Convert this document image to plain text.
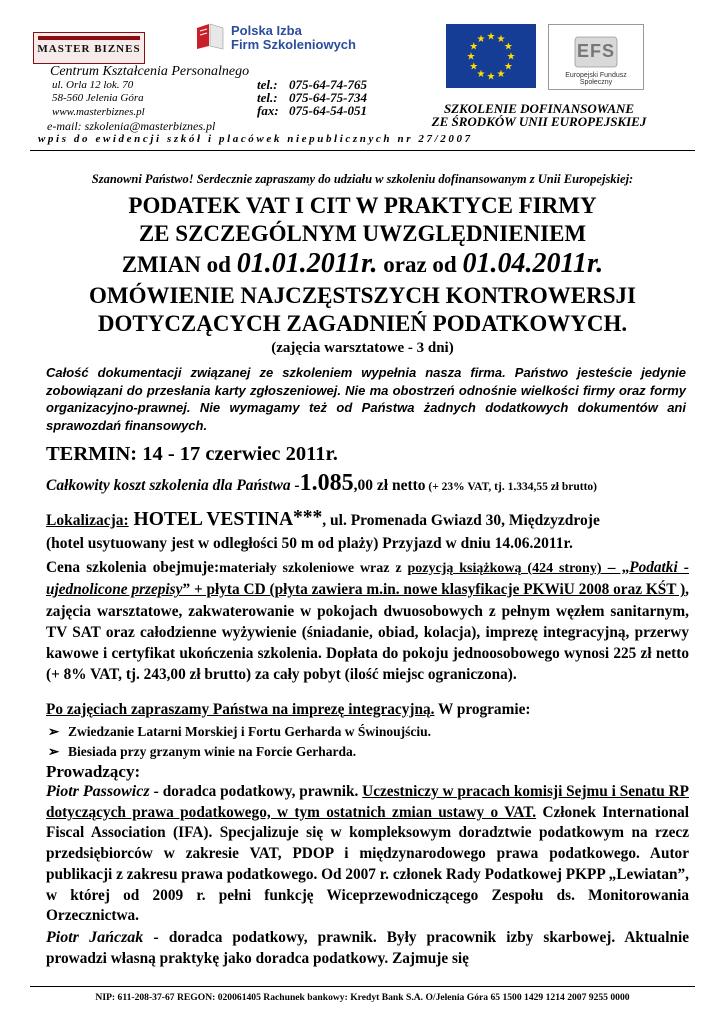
MASTER BIZNES
Polska Izba
Firm Szkoleniowych	★ ★
★
★
★
★
★
★
★
★
★
★
EFS
Europejski Fundusz Społeczny
Centrum Kształcenia Personalnego
ul. Orla 12 lok. 70
58-560 Jelenia Góra
www.masterbiznes.pl
e-mail: szkolenia@masterbiznes.pl
tel.: 075-64-74-765
tel.: 075-64-75-734
fax: 075-64-54-051	SZKOLENIE DOFINANSOWANE
ZE ŚRODKÓW UNII EUROPEJSKIEJ
wpis do ewidencji szkół i placówek niepublicznych nr 27/2007
Szanowni Państwo! Serdecznie zapraszamy do udziału w szkoleniu dofinansowanym z Unii Europejskiej:
PODATEK VAT I CIT W PRAKTYCE FIRMY
ZE SZCZEGÓLNYM UWZGLĘDNIENIEM
ZMIAN od 01.01.2011r. oraz od 01.04.2011r.
OMÓWIENIE NAJCZĘSTSZYCH KONTROWERSJI
DOTYCZĄCYCH ZAGADNIEŃ PODATKOWYCH.
(zajęcia warsztatowe - 3 dni)
Całość dokumentacji związanej ze szkoleniem wypełnia nasza firma. Państwo jesteście jedynie zobowiązani do przesłania karty zgłoszeniowej. Nie ma obostrzeń odnośnie wielkości firmy oraz formy organizacyjno-prawnej. Nie wymagamy też od Państwa żadnych dodatkowych dokumentów ani sprawozdań finansowych.
TERMIN: 14 - 17 czerwiec 2011r.
Całkowity koszt szkolenia dla Państwa -1.085,00 zł netto (+ 23% VAT, tj. 1.334,55 zł brutto)
Lokalizacja: HOTEL VESTINA***, ul. Promenada Gwiazd 30, Międzyzdroje
(hotel usytuowany jest w odległości 50 m od plaży) Przyjazd w dniu 14.06.2011r.
Cena szkolenia obejmuje:materiały szkoleniowe wraz z pozycją książkową (424 strony) – „Podatki - ujednolicone przepisy” + płyta CD (płyta zawiera m.in. nowe klasyfikacje PKWiU 2008 oraz KŚT ), zajęcia warsztatowe, zakwaterowanie w pokojach dwuosobowych z pełnym węzłem sanitarnym, TV SAT oraz całodzienne wyżywienie (śniadanie, obiad, kolacja), imprezę integracyjną, przerwy kawowe i certyfikat ukończenia szkolenia. Dopłata do pokoju jednoosobowego wynosi 225 zł netto (+ 8% VAT, tj. 243,00 zł brutto) za cały pobyt (ilość miejsc ograniczona).
Po zajęciach zapraszamy Państwa na imprezę integracyjną. W programie:
➢ Zwiedzanie Latarni Morskiej i Fortu Gerharda w Świnoujściu.
➢ Biesiada przy grzanym winie na Forcie Gerharda.
Prowadzący:
Piotr Passowicz - doradca podatkowy, prawnik. Uczestniczy w pracach komisji Sejmu i Senatu RP dotyczących prawa podatkowego, w tym ostatnich zmian ustawy o VAT. Członek International Fiscal Association (IFA). Specjalizuje się w kompleksowym doradztwie podatkowym na rzecz przedsiębiorców w zakresie VAT, PDOP i międzynarodowego prawa podatkowego. Autor publikacji z zakresu prawa podatkowego. Od 2007 r. członek Rady Podatkowej PKPP „Lewiatan”, w której od 2009 r. pełni funkcję Wiceprzewodniczącego Zespołu ds. Monitorowania Orzecznictwa.
Piotr Jańczak - doradca podatkowy, prawnik. Były pracownik izby skarbowej. Aktualnie prowadzi własną praktykę jako doradca podatkowy. Zajmuje się
NIP: 611-208-37-67 REGON: 020061405 Rachunek bankowy: Kredyt Bank S.A. O/Jelenia Góra 65 1500 1429 1214 2007 9255 0000
